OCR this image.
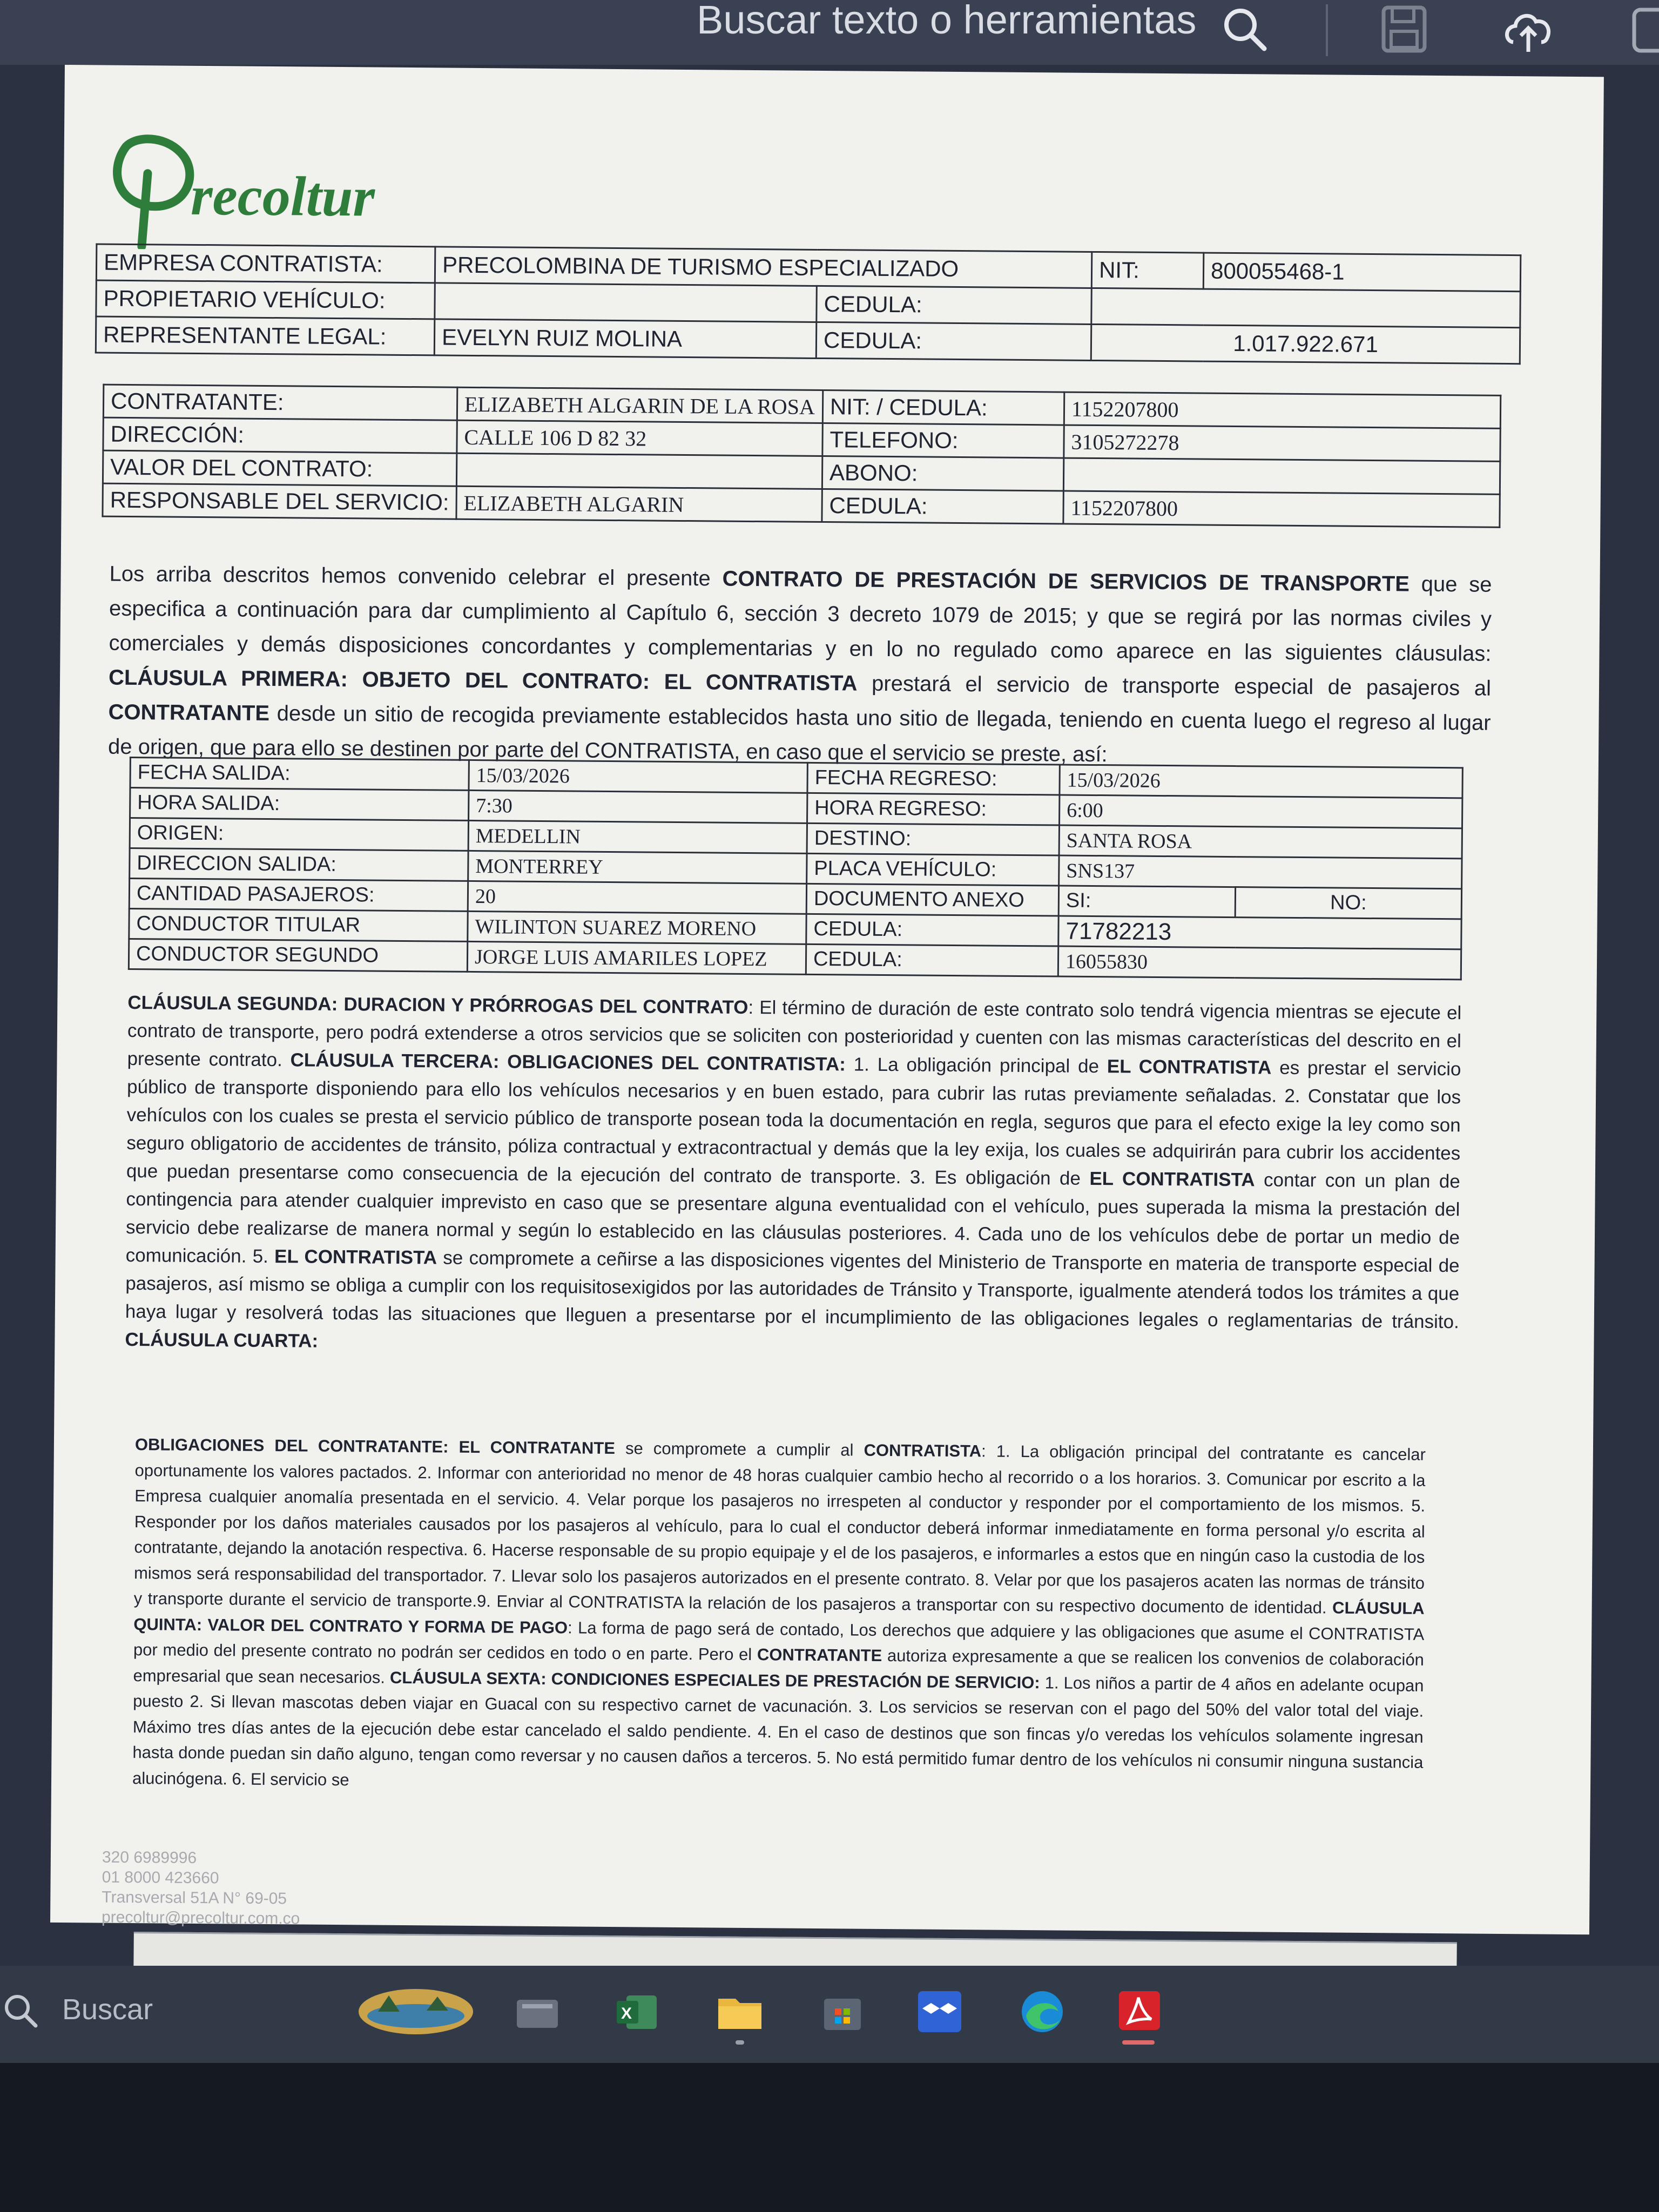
Buscar texto o herramientas
recoltur
EMPRESA CONTRATISTA:	PRECOLOMBINA DE TURISMO ESPECIALIZADO		NIT:	800055468-1
PROPIETARIO VEHÍCULO:		CEDULA:		
REPRESENTANTE LEGAL:	EVELYN RUIZ MOLINA	CEDULA:	1.017.922.671	
CONTRATANTE:	ELIZABETH ALGARIN DE LA ROSA	NIT: / CEDULA:	1152207800
DIRECCIÓN:	CALLE 106 D 82 32	TELEFONO:	3105272278
VALOR DEL CONTRATO:		ABONO:	
RESPONSABLE DEL SERVICIO:	ELIZABETH ALGARIN	CEDULA:	1152207800
Los arriba descritos hemos convenido celebrar el presente CONTRATO DE PRESTACIÓN DE SERVICIOS DE TRANSPORTE que se especifica a continuación para dar cumplimiento al Capítulo 6, sección 3 decreto 1079 de 2015; y que se regirá por las normas civiles y comerciales y demás disposiciones concordantes y complementarias y en lo no regulado como aparece en las siguientes cláusulas: CLÁUSULA PRIMERA: OBJETO DEL CONTRATO: EL CONTRATISTA prestará el servicio de transporte especial de pasajeros al CONTRATANTE desde un sitio de recogida previamente establecidos hasta uno sitio de llegada, teniendo en cuenta luego el regreso al lugar de origen, que para ello se destinen por parte del CONTRATISTA, en caso que el servicio se preste, así:
FECHA SALIDA:	15/03/2026	FECHA REGRESO:	15/03/2026	
HORA SALIDA:	7:30	HORA REGRESO:	6:00	
ORIGEN:	MEDELLIN	DESTINO:	SANTA ROSA	
DIRECCION SALIDA:	MONTERREY	PLACA VEHÍCULO:	SNS137	
CANTIDAD PASAJEROS:	20	DOCUMENTO ANEXO	SI:	NO:
CONDUCTOR TITULAR	WILINTON SUAREZ MORENO	CEDULA:	71782213	
CONDUCTOR SEGUNDO	JORGE LUIS AMARILES LOPEZ	CEDULA:	16055830	
CLÁUSULA SEGUNDA: DURACION Y PRÓRROGAS DEL CONTRATO: El término de duración de este contrato solo tendrá vigencia mientras se ejecute el contrato de transporte, pero podrá extenderse a otros servicios que se soliciten con posterioridad y cuenten con las mismas características del descrito en el presente contrato. CLÁUSULA TERCERA: OBLIGACIONES DEL CONTRATISTA: 1. La obligación principal de EL CONTRATISTA es prestar el servicio público de transporte disponiendo para ello los vehículos necesarios y en buen estado, para cubrir las rutas previamente señaladas. 2. Constatar que los vehículos con los cuales se presta el servicio público de transporte posean toda la documentación en regla, seguros que para el efecto exige la ley como son seguro obligatorio de accidentes de tránsito, póliza contractual y extracontractual y demás que la ley exija, los cuales se adquirirán para cubrir los accidentes que puedan presentarse como consecuencia de la ejecución del contrato de transporte. 3. Es obligación de EL CONTRATISTA contar con un plan de contingencia para atender cualquier imprevisto en caso que se presentare alguna eventualidad con el vehículo, pues superada la misma la prestación del servicio debe realizarse de manera normal y según lo establecido en las cláusulas posteriores. 4. Cada uno de los vehículos debe de portar un medio de comunicación. 5. EL CONTRATISTA se compromete a ceñirse a las disposiciones vigentes del Ministerio de Transporte en materia de transporte especial de pasajeros, así mismo se obliga a cumplir con los requisitosexigidos por las autoridades de Tránsito y Transporte, igualmente atenderá todos los trámites a que haya lugar y resolverá todas las situaciones que lleguen a presentarse por el incumplimiento de las obligaciones legales o reglamentarias de tránsito. CLÁUSULA CUARTA:
OBLIGACIONES DEL CONTRATANTE: EL CONTRATANTE se compromete a cumplir al CONTRATISTA: 1. La obligación principal del contratante es cancelar oportunamente los valores pactados. 2. Informar con anterioridad no menor de 48 horas cualquier cambio hecho al recorrido o a los horarios. 3. Comunicar por escrito a la Empresa cualquier anomalía presentada en el servicio. 4. Velar porque los pasajeros no irrespeten al conductor y responder por el comportamiento de los mismos. 5. Responder por los daños materiales causados por los pasajeros al vehículo, para lo cual el conductor deberá informar inmediatamente en forma personal y/o escrita al contratante, dejando la anotación respectiva. 6. Hacerse responsable de su propio equipaje y el de los pasajeros, e informarles a estos que en ningún caso la custodia de los mismos será responsabilidad del transportador. 7. Llevar solo los pasajeros autorizados en el presente contrato. 8. Velar por que los pasajeros acaten las normas de tránsito y transporte durante el servicio de transporte.9. Enviar al CONTRATISTA la relación de los pasajeros a transportar con su respectivo documento de identidad. CLÁUSULA QUINTA: VALOR DEL CONTRATO Y FORMA DE PAGO: La forma de pago será de contado, Los derechos que adquiere y las obligaciones que asume el CONTRATISTA por medio del presente contrato no podrán ser cedidos en todo o en parte. Pero el CONTRATANTE autoriza expresamente a que se realicen los convenios de colaboración empresarial que sean necesarios. CLÁUSULA SEXTA: CONDICIONES ESPECIALES DE PRESTACIÓN DE SERVICIO: 1. Los niños a partir de 4 años en adelante ocupan puesto 2. Si llevan mascotas deben viajar en Guacal con su respectivo carnet de vacunación. 3. Los servicios se reservan con el pago del 50% del valor total del viaje. Máximo tres días antes de la ejecución debe estar cancelado el saldo pendiente. 4. En el caso de destinos que son fincas y/o veredas los vehículos solamente ingresan hasta donde puedan sin daño alguno, tengan como reversar y no causen daños a terceros. 5. No está permitido fumar dentro de los vehículos ni consumir ninguna sustancia alucinógena. 6. El servicio se
320 6989996
01 8000 423660
Transversal 51A N° 69-05
precoltur@precoltur.com.co
Buscar	X
